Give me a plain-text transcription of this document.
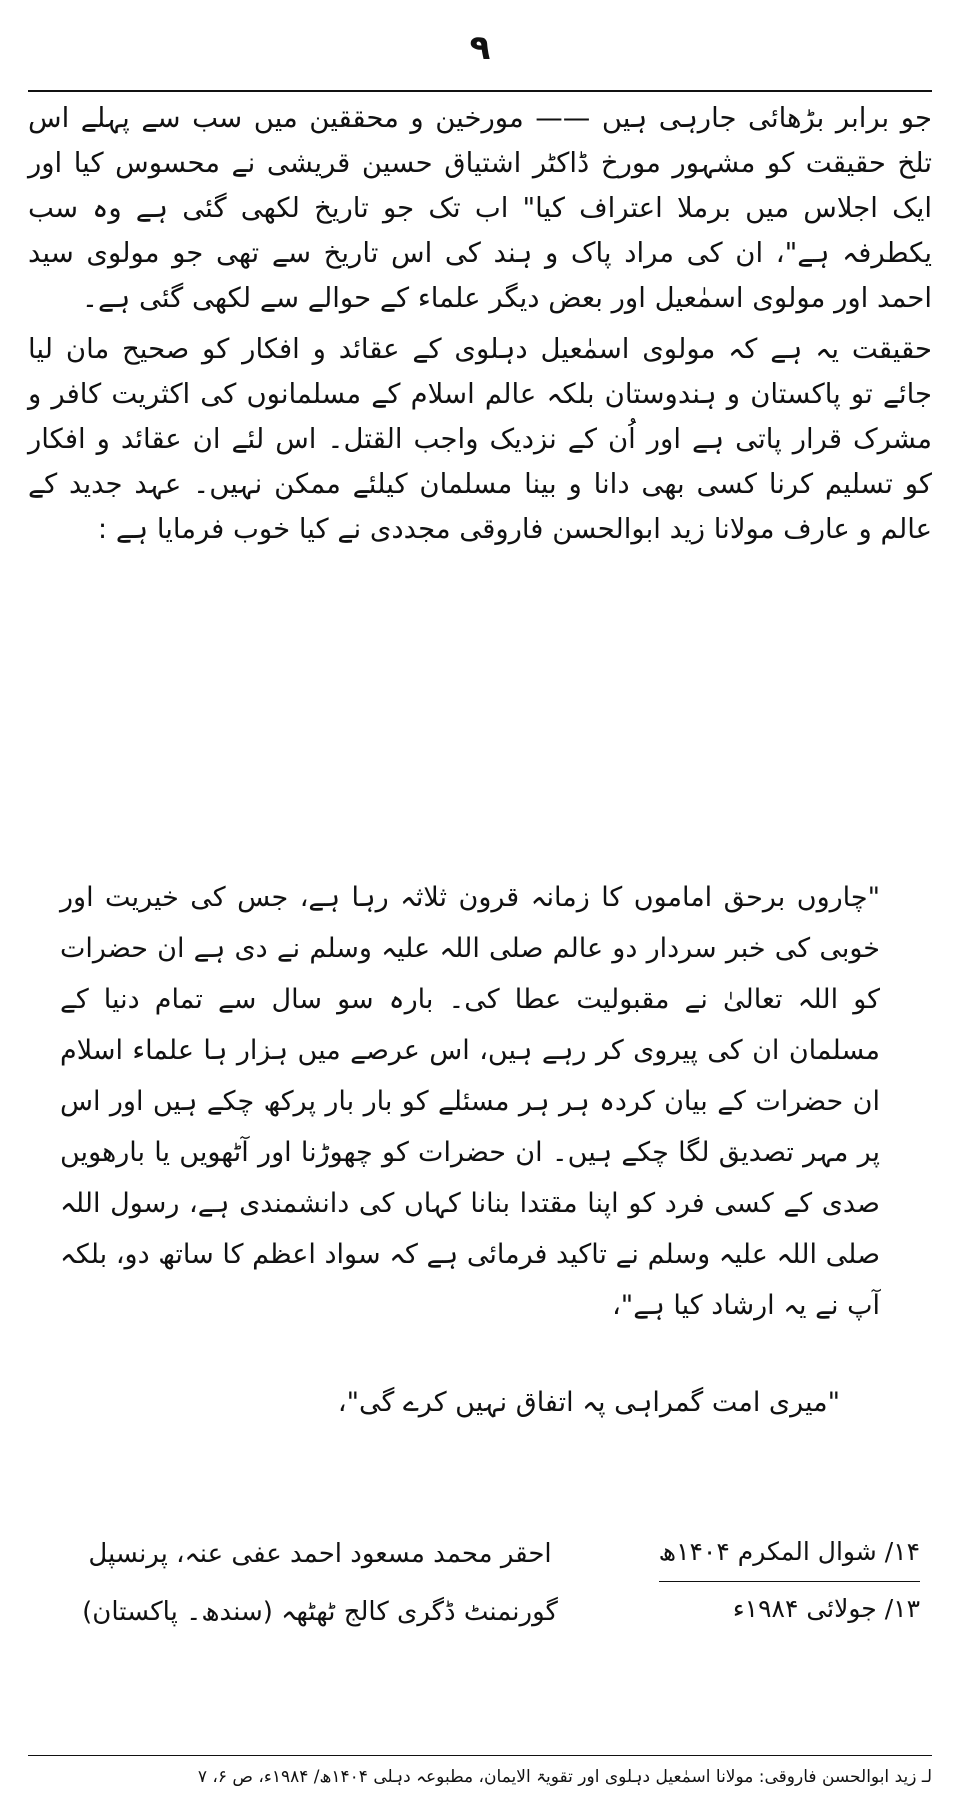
۹

جو برابر بڑھائی جارہی ہیں —— مورخین و محققین میں سب سے پہلے اس تلخ حقیقت کو مشہور مورخ ڈاکٹر اشتیاق حسین قریشی نے محسوس کیا اور ایک اجلاس میں برملا اعتراف کیا" اب تک جو تاریخ لکھی گئی ہے وہ سب یکطرفہ ہے"، ان کی مراد پاک و ہند کی اس تاریخ سے تھی جو مولوی سید احمد اور مولوی اسمٰعیل اور بعض دیگر علماء کے حوالے سے لکھی گئی ہے۔

حقیقت یہ ہے کہ مولوی اسمٰعیل دہلوی کے عقائد و افکار کو صحیح مان لیا جائے تو پاکستان و ہندوستان بلکہ عالم اسلام کے مسلمانوں کی اکثریت کافر و مشرک قرار پاتی ہے اور اُن کے نزدیک واجب القتل۔ اس لئے ان عقائد و افکار کو تسلیم کرنا کسی بھی دانا و بینا مسلمان کیلئے ممکن نہیں۔ عہد جدید کے عالم و عارف مولانا زید ابوالحسن فاروقی مجددی نے کیا خوب فرمایا ہے :

"چاروں برحق اماموں کا زمانہ قرون ثلاثہ رہا ہے، جس کی خیریت اور خوبی کی خبر سردار دو عالم صلی اللہ علیہ وسلم نے دی ہے ان حضرات کو اللہ تعالیٰ نے مقبولیت عطا کی۔ بارہ سو سال سے تمام دنیا کے مسلمان ان کی پیروی کر رہے ہیں، اس عرصے میں ہزار ہا علماء اسلام ان حضرات کے بیان کردہ ہر ہر مسئلے کو بار بار پرکھ چکے ہیں اور اس پر مہر تصدیق لگا چکے ہیں۔ ان حضرات کو چھوڑنا اور آٹھویں یا بارھویں صدی کے کسی فرد کو اپنا مقتدا بنانا کہاں کی دانشمندی ہے، رسول اللہ صلی اللہ علیہ وسلم نے تاکید فرمائی ہے کہ سواد اعظم کا ساتھ دو، بلکہ آپ نے یہ ارشاد کیا ہے"،

"میری امت گمراہی پہ اتفاق نہیں کرے گی"،
۱۴/ شوال المکرم ۱۴۰۴ھ
۱۳/ جولائی ۱۹۸۴ء
احقر محمد مسعود احمد عفی عنہ، پرنسپل
گورنمنٹ ڈگری کالج ٹھٹھہ (سندھ۔ پاکستان)
لـ زید ابوالحسن فاروقی: مولانا اسمٰعیل دہلوی اور تقویۃ الایمان، مطبوعہ دہلی ۱۴۰۴ھ/ ۱۹۸۴ء، ص ۶، ۷
